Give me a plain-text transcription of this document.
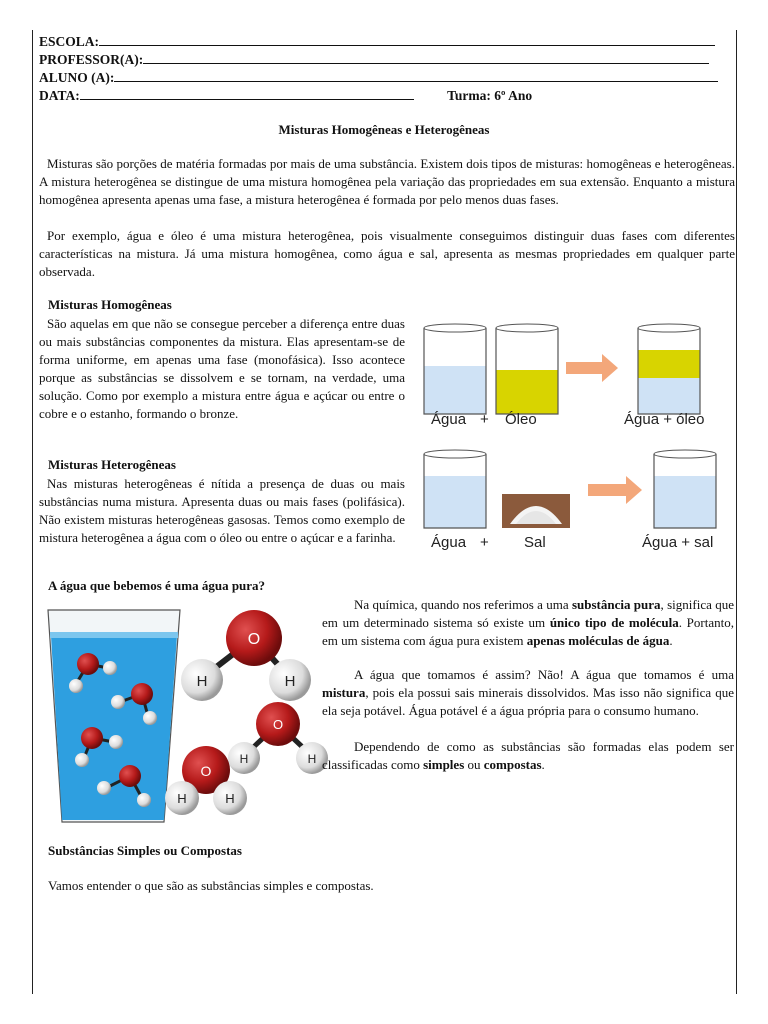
ESCOLA:
PROFESSOR(A):
ALUNO (A):
DATA:	Turma: 6º Ano
Misturas Homogêneas e Heterogêneas
Misturas são porções de matéria formadas por mais de uma substância. Existem dois tipos de misturas: homogêneas e heterogêneas. A mistura heterogênea se distingue de uma mistura homogênea pela variação das propriedades em sua extensão. Enquanto a mistura homogênea apresenta apenas uma fase, a mistura heterogênea é formada por pelo menos duas fases.
Por exemplo, água e óleo é uma mistura heterogênea, pois visualmente conseguimos distinguir duas fases com diferentes características na mistura. Já uma mistura homogênea, como água e sal, apresenta as mesmas propriedades em qualquer parte observada.
Misturas Homogêneas
São aquelas em que não se consegue perceber a diferença entre duas ou mais substâncias componentes da mistura. Elas apresentam-se de forma uniforme, em apenas uma fase (monofásica). Isso acontece porque as substâncias se dissolvem e se tornam, na verdade, uma solução. Como por exemplo a mistura entre água e açúcar ou entre o cobre e o estanho, formando o bronze.
Misturas Heterogêneas
Nas misturas heterogêneas é nítida a presença de duas ou mais substâncias numa mistura. Apresenta duas ou mais fases (polifásica). Não existem misturas heterogêneas gasosas. Temos como exemplo de mistura heterogênea a água com o óleo ou entre o açúcar e a farinha.
Água + Óleo	Água + óleo
Água + Sal	Água + sal
A água que bebemos é uma água pura?
O
H	H
O
H	H
O
H	H
Na química, quando nos referimos a uma substância pura, significa que em um determinado sistema só existe um único tipo de molécula. Portanto, em um sistema com água pura existem apenas moléculas de água.
A água que tomamos é assim? Não! A água que tomamos é uma mistura, pois ela possui sais minerais dissolvidos. Mas isso não significa que ela seja potável. Água potável é a água própria para o consumo humano.
Dependendo de como as substâncias são formadas elas podem ser classificadas como simples ou compostas.
Substâncias Simples ou Compostas
Vamos entender o que são as substâncias simples e compostas.
